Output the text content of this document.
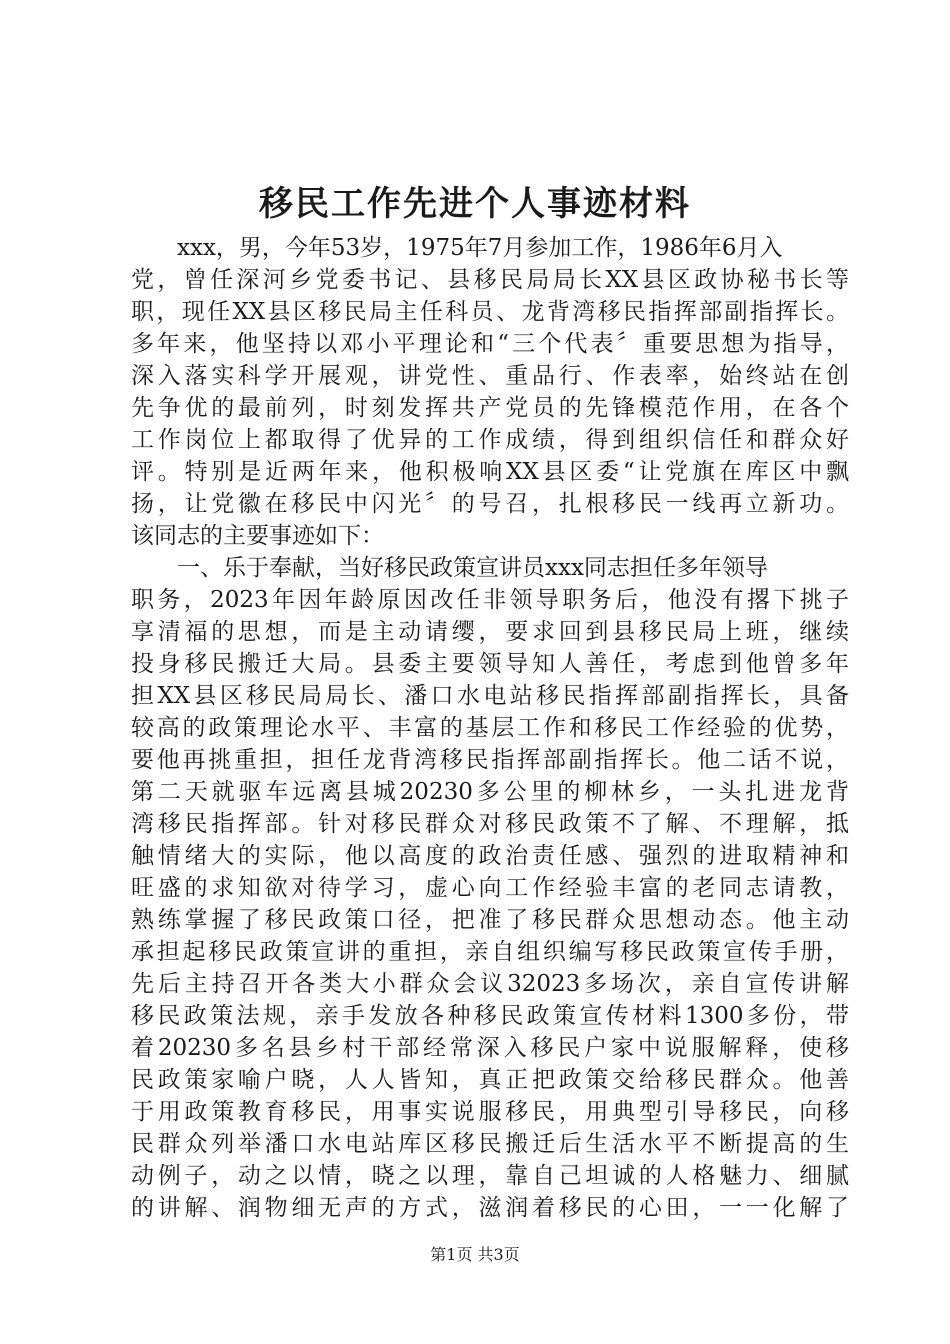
移民工作先进个人事迹材料
　　xxx，男，今年53岁，1975年7月参加工作，1986年6月入
党，曾任深河乡党委书记、县移民局局长XX县区政协秘书长等
职，现任XX县区移民局主任科员、龙背湾移民指挥部副指挥长。
多年来，他坚持以邓小平理论和“三个代表〞重要思想为指导，
深入落实科学开展观，讲党性、重品行、作表率，始终站在创
先争优的最前列，时刻发挥共产党员的先锋模范作用，在各个
工作岗位上都取得了优异的工作成绩，得到组织信任和群众好
评。特别是近两年来，他积极响XX县区委“让党旗在库区中飘
扬，让党徽在移民中闪光〞的号召，扎根移民一线再立新功。
该同志的主要事迹如下：
　　一、乐于奉献，当好移民政策宣讲员xxx同志担任多年领导
职务，2023年因年龄原因改任非领导职务后，他没有撂下挑子
享清福的思想，而是主动请缨，要求回到县移民局上班，继续
投身移民搬迁大局。县委主要领导知人善任，考虑到他曾多年
担XX县区移民局局长、潘口水电站移民指挥部副指挥长，具备
较高的政策理论水平、丰富的基层工作和移民工作经验的优势，
要他再挑重担，担任龙背湾移民指挥部副指挥长。他二话不说，
第二天就驱车远离县城20230多公里的柳林乡，一头扎进龙背
湾移民指挥部。针对移民群众对移民政策不了解、不理解，抵
触情绪大的实际，他以高度的政治责任感、强烈的进取精神和
旺盛的求知欲对待学习，虚心向工作经验丰富的老同志请教，
熟练掌握了移民政策口径，把准了移民群众思想动态。他主动
承担起移民政策宣讲的重担，亲自组织编写移民政策宣传手册，
先后主持召开各类大小群众会议32023多场次，亲自宣传讲解
移民政策法规，亲手发放各种移民政策宣传材料1300多份，带
着20230多名县乡村干部经常深入移民户家中说服解释，使移
民政策家喻户晓，人人皆知，真正把政策交给移民群众。他善
于用政策教育移民，用事实说服移民，用典型引导移民，向移
民群众列举潘口水电站库区移民搬迁后生活水平不断提高的生
动例子，动之以情，晓之以理，靠自己坦诚的人格魅力、细腻
的讲解、润物细无声的方式，滋润着移民的心田，一一化解了
第1页 共3页
